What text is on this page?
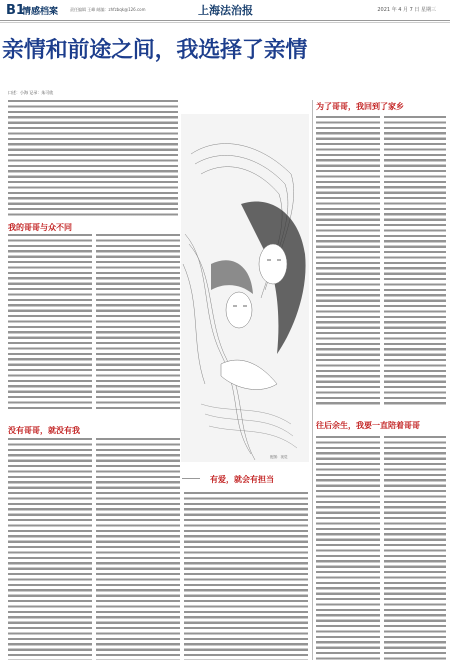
B1
情感档案	责任编辑 王峰 邮编：zhfzbqk@126.com	上海法治报	2021 年 4 月 7 日 星期三
亲情和前途之间，我选择了亲情
口述：小海 记录：朱可欣
我的哥哥与众不同
没有哥哥，就没有我
配图：视觉
有爱，就会有担当
为了哥哥，我回到了家乡
往后余生，我要一直陪着哥哥
